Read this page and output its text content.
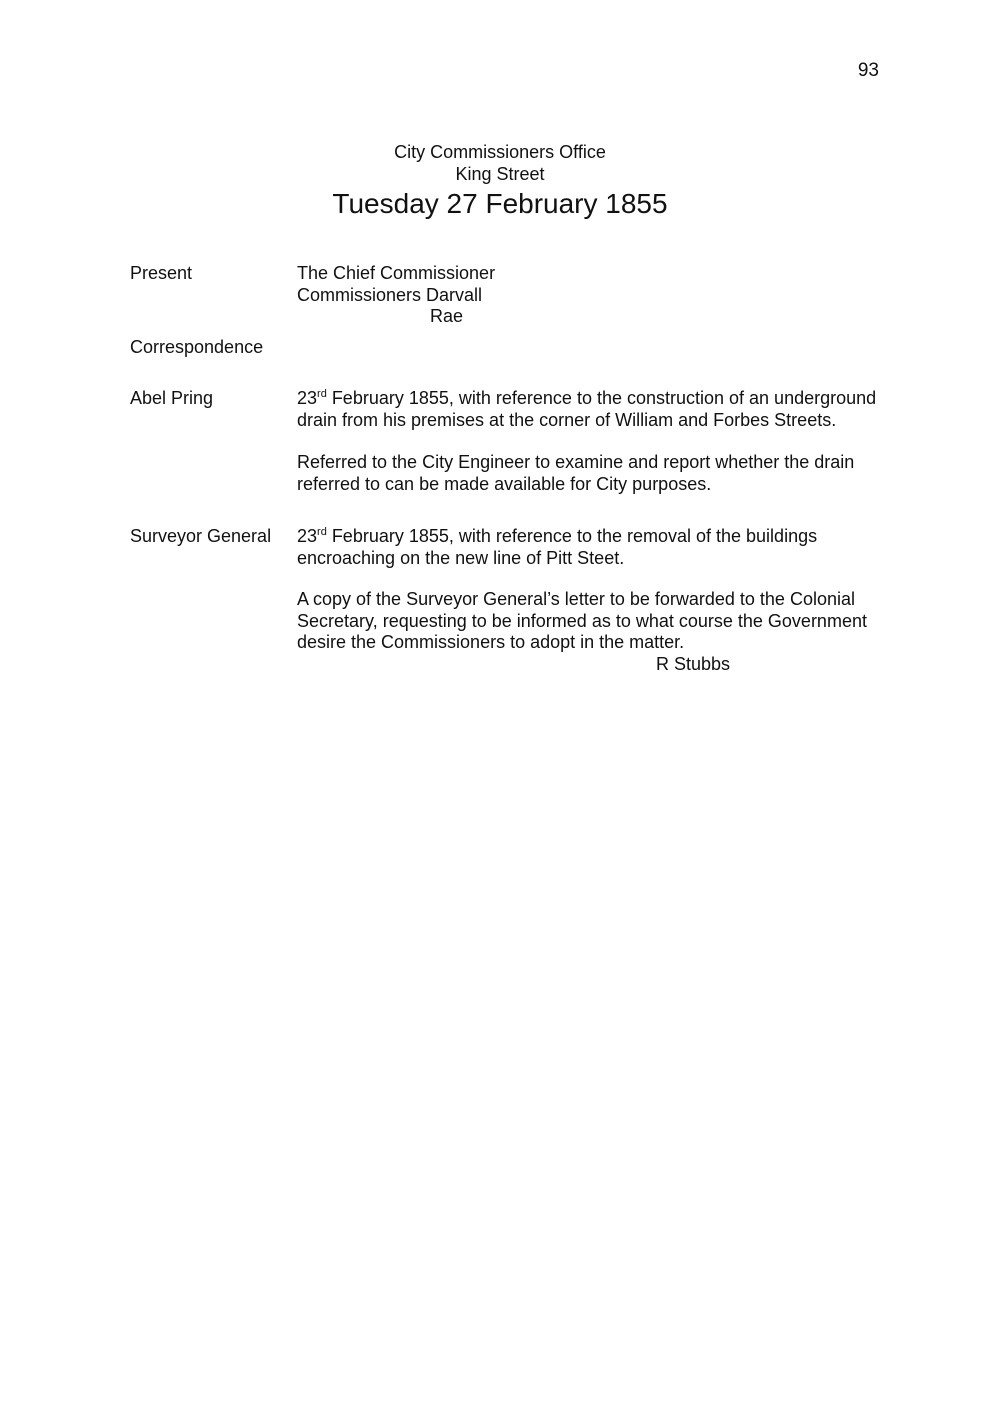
93
City Commissioners Office
King Street
Tuesday 27 February 1855
Present	The Chief Commissioner

Commissioners Darvall

Rae

Correspondence
Abel Pring	23rd February 1855, with reference to the construction of an underground

drain from his premises at the corner of William and Forbes Streets.

Referred to the City Engineer to examine and report whether the drain

referred to can be made available for City purposes.

Surveyor General 23rd February 1855, with reference to the removal of the buildings

encroaching on the new line of Pitt Steet.

A copy of the Surveyor General’s letter to be forwarded to the Colonial

Secretary, requesting to be informed as to what course the Government

desire the Commissioners to adopt in the matter.

R Stubbs
